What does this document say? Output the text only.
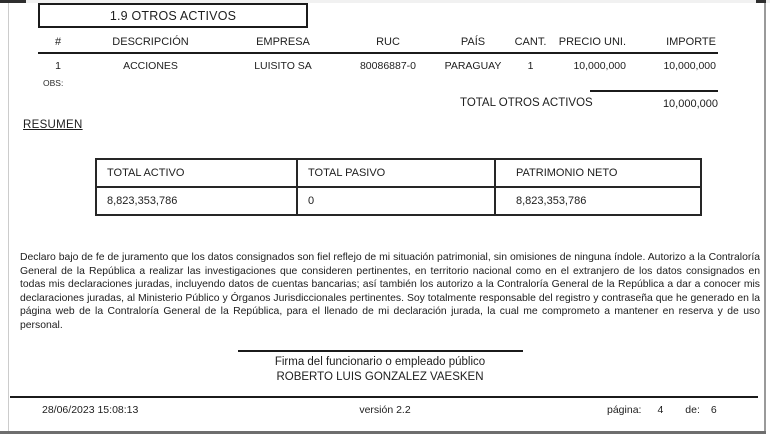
1.9 OTROS ACTIVOS
#	DESCRIPCIÓN	EMPRESA	RUC	PAÍS	CANT.	PRECIO UNI.	IMPORTE
1	ACCIONES	LUISITO SA	80086887-0	PARAGUAY	1	10,000,000	10,000,000
OBS:
TOTAL OTROS ACTIVOS	10,000,000
RESUMEN
TOTAL ACTIVO	TOTAL PASIVO	PATRIMONIO NETO
8,823,353,786	0	8,823,353,786

Declaro bajo de fe de juramento que los datos consignados son fiel reflejo de mi situación patrimonial, sin omisiones de ninguna índole. Autorizo a la Contraloría General de la República a realizar las investigaciones que consideren pertinentes, en territorio nacional como en el extranjero de los datos consignados en todas mis declaraciones juradas, incluyendo datos de cuentas bancarias; así también los autorizo a la Contraloría General de la República a dar a conocer mis declaraciones juradas, al Ministerio Público y Órganos Jurisdiccionales pertinentes. Soy totalmente responsable del registro y contraseña que he generado en la página web de la Contraloría General de la República, para el llenado de mi declaración jurada, la cual me comprometo a mantener en reserva y de uso personal.

Firma del funcionario o empleado público
ROBERTO LUIS GONZALEZ VAESKEN
28/06/2023 15:08:13	versión 2.2	página: 4 de: 6
